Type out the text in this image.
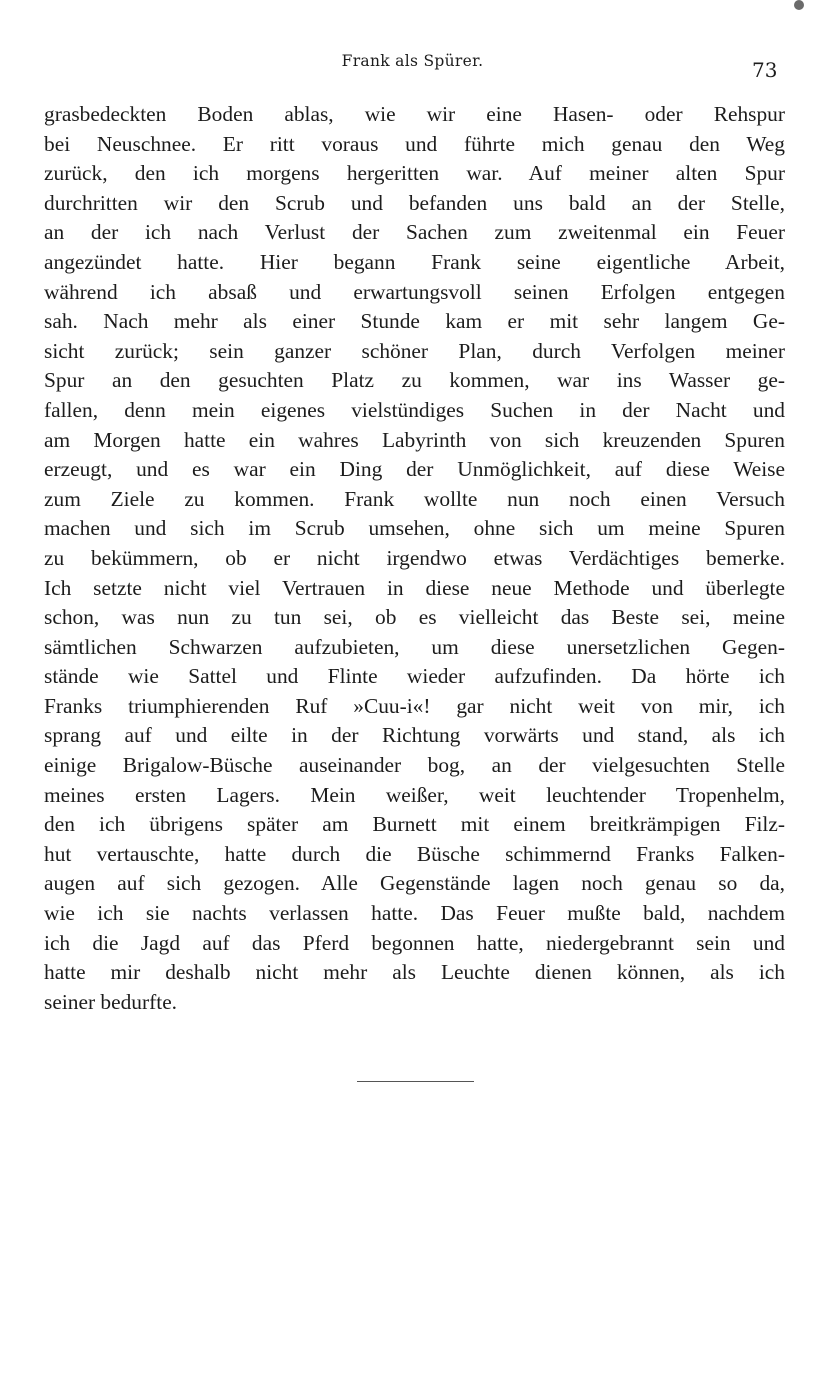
Frank als Spürer.	73
grasbedeckten Boden ablas, wie wir eine Hasen- oder Rehspur
bei Neuschnee. Er ritt voraus und führte mich genau den Weg
zurück, den ich morgens hergeritten war. Auf meiner alten Spur
durchritten wir den Scrub und befanden uns bald an der Stelle,
an der ich nach Verlust der Sachen zum zweitenmal ein Feuer
angezündet hatte. Hier begann Frank seine eigentliche Arbeit,
während ich absaß und erwartungsvoll seinen Erfolgen entgegen
sah. Nach mehr als einer Stunde kam er mit sehr langem Ge-
sicht zurück; sein ganzer schöner Plan, durch Verfolgen meiner
Spur an den gesuchten Platz zu kommen, war ins Wasser ge-
fallen, denn mein eigenes vielstündiges Suchen in der Nacht und
am Morgen hatte ein wahres Labyrinth von sich kreuzenden Spuren
erzeugt, und es war ein Ding der Unmöglichkeit, auf diese Weise
zum Ziele zu kommen. Frank wollte nun noch einen Versuch
machen und sich im Scrub umsehen, ohne sich um meine Spuren
zu bekümmern, ob er nicht irgendwo etwas Verdächtiges bemerke.
Ich setzte nicht viel Vertrauen in diese neue Methode und überlegte
schon, was nun zu tun sei, ob es vielleicht das Beste sei, meine
sämtlichen Schwarzen aufzubieten, um diese unersetzlichen Gegen-
stände wie Sattel und Flinte wieder aufzufinden. Da hörte ich
Franks triumphierenden Ruf »Cuu-i«! gar nicht weit von mir, ich
sprang auf und eilte in der Richtung vorwärts und stand, als ich
einige Brigalow-Büsche auseinander bog, an der vielgesuchten Stelle
meines ersten Lagers. Mein weißer, weit leuchtender Tropenhelm,
den ich übrigens später am Burnett mit einem breitkrämpigen Filz-
hut vertauschte, hatte durch die Büsche schimmernd Franks Falken-
augen auf sich gezogen. Alle Gegenstände lagen noch genau so da,
wie ich sie nachts verlassen hatte. Das Feuer mußte bald, nachdem
ich die Jagd auf das Pferd begonnen hatte, niedergebrannt sein und
hatte mir deshalb nicht mehr als Leuchte dienen können, als ich
seiner bedurfte.
